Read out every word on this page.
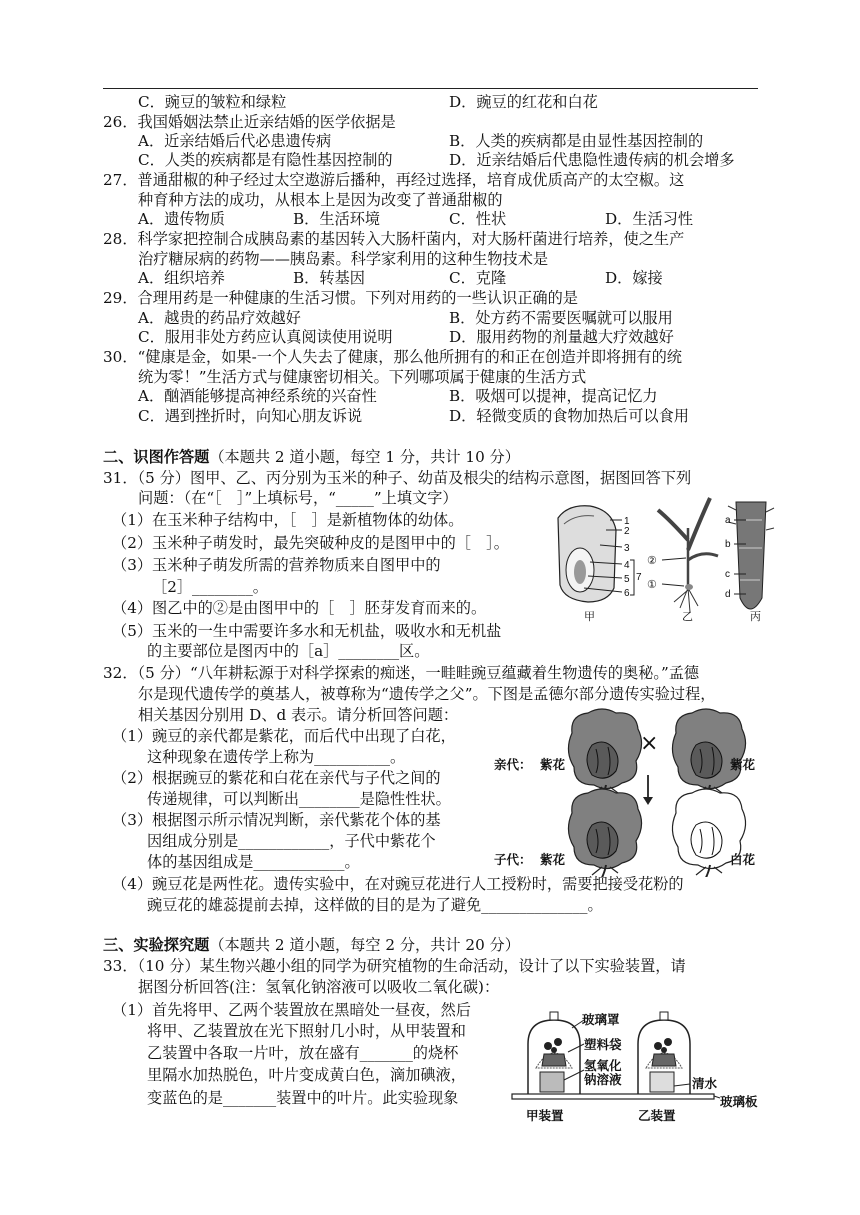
C．豌豆的皱粒和绿粒	D．豌豆的红花和白花
26．我国婚姻法禁止近亲结婚的医学依据是
A．近亲结婚后代必患遗传病	B．人类的疾病都是由显性基因控制的
C．人类的疾病都是有隐性基因控制的	D．近亲结婚后代患隐性遗传病的机会增多
27．普通甜椒的种子经过太空遨游后播种，再经过选择，培育成优质高产的太空椒。这
种育种方法的成功，从根本上是因为改变了普通甜椒的
A．遗传物质	B．生活环境	C．性状	D．生活习性
28．科学家把控制合成胰岛素的基因转入大肠杆菌内，对大肠杆菌进行培养，使之生产
治疗糖尿病的药物——胰岛素。科学家利用的这种生物技术是
A．组织培养	B．转基因	C．克隆	D．嫁接
29．合理用药是一种健康的生活习惯。下列对用药的一些认识正确的是
A．越贵的药品疗效越好	B．处方药不需要医嘱就可以服用
C．服用非处方药应认真阅读使用说明	D．服用药物的剂量越大疗效越好
30．“健康是金，如果-一个人失去了健康，那么他所拥有的和正在创造并即将拥有的统
统为零！”生活方式与健康密切相关。下列哪项属于健康的生活方式
A．酗酒能够提高神经系统的兴奋性	B．吸烟可以提神，提高记忆力
C．遇到挫折时，向知心朋友诉说	D．轻微变质的食物加热后可以食用
二、识图作答题（本题共 2 道小题，每空 1 分，共计 10 分）
31．（5 分）图甲、乙、丙分别为玉米的种子、幼苗及根尖的结构示意图，据图回答下列
问题：（在“［　］”上填标号，“_____”上填文字）
（1）在玉米种子结构中，［　］是新植物体的幼体。
（2）玉米种子萌发时，最先突破种皮的是图甲中的［　］。
（3）玉米种子萌发所需的营养物质来自图甲中的
［2］________。
（4）图乙中的②是由图甲中的［　］胚芽发育而来的。
（5）玉米的一生中需要许多水和无机盐，吸收水和无机盐
的主要部位是图丙中的［a］________区。
1
2
3
4
5
6
7
②
①
a
b
c
d
甲	乙	丙
32．（5 分）“八年耕耘源于对科学探索的痴迷，一畦畦豌豆蕴藏着生物遗传的奥秘。”孟德
尔是现代遗传学的奠基人，被尊称为“遗传学之父”。下图是孟德尔部分遗传实验过程，
相关基因分别用 D、d 表示。请分析回答问题：
（1）豌豆的亲代都是紫花，而后代中出现了白花，
这种现象在遗传学上称为__________。
（2）根据豌豆的紫花和白花在亲代与子代之间的
传递规律，可以判断出________是隐性性状。
（3）根据图示所示情况判断，亲代紫花个体的基
因组成分别是____________，子代中紫花个
体的基因组成是____________。
（4）豌豆花是两性花。遗传实验中，在对豌豆花进行人工授粉时，需要把接受花粉的
豌豆花的雄蕊提前去掉，这样做的目的是为了避免______________。
亲代： 紫花
×
紫花
子代： 紫花	白花
三、实验探究题（本题共 2 道小题，每空 2 分，共计 20 分）
33．（10 分）某生物兴趣小组的同学为研究植物的生命活动，设计了以下实验装置，请
据图分析回答(注：氢氧化钠溶液可以吸收二氧化碳)：
（1）首先将甲、乙两个装置放在黑暗处一昼夜，然后
将甲、乙装置放在光下照射几小时，从甲装置和
乙装置中各取一片叶，放在盛有_______的烧杯
里隔水加热脱色，叶片变成黄白色，滴加碘液，
变蓝色的是_______装置中的叶片。此实验现象
玻璃罩
塑料袋
氢氧化
钠溶液	清水
玻璃板
甲装置	乙装置
